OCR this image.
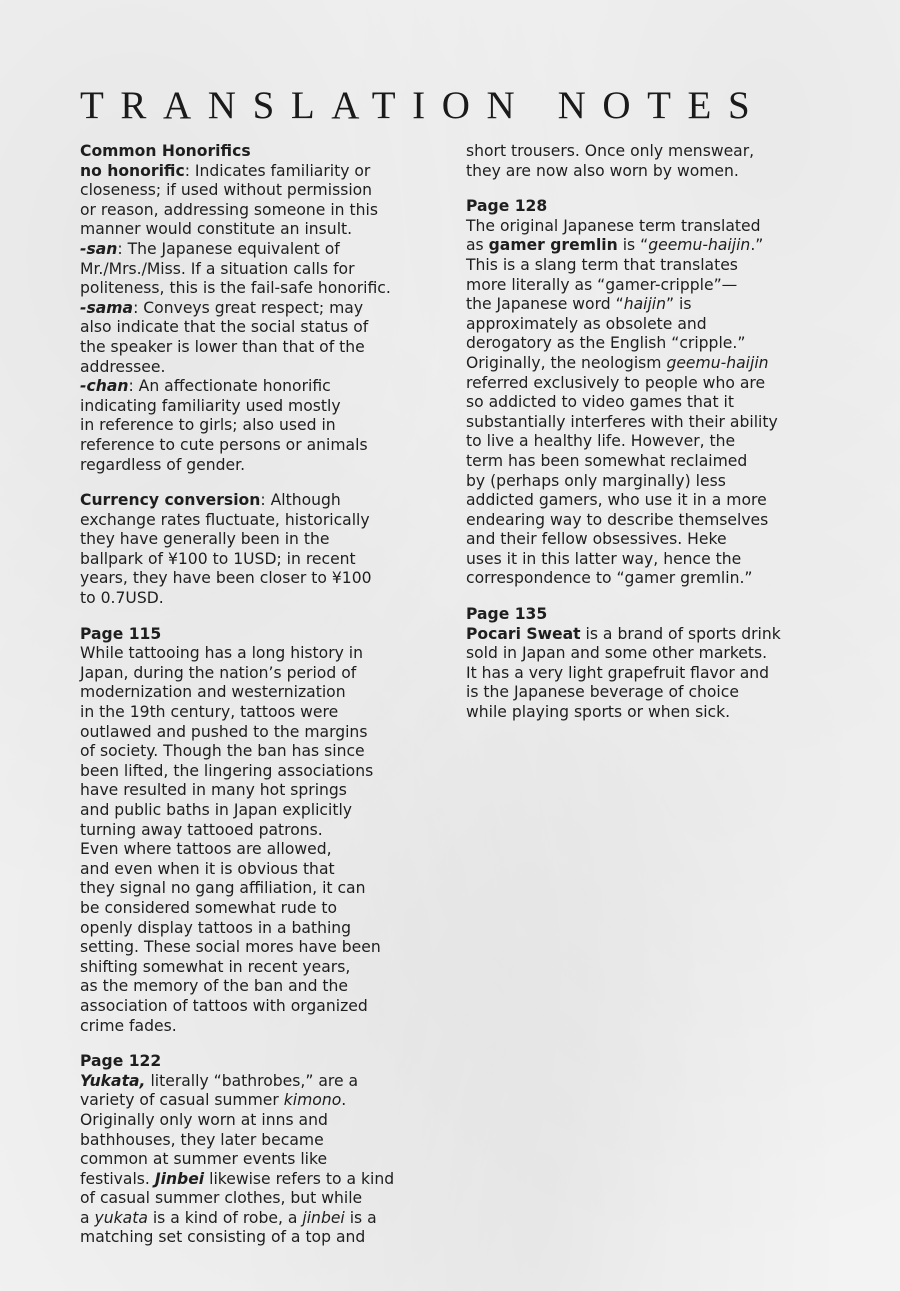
TRANSLATION NOTES
Common Honorifics
no honorific: Indicates familiarity or
closeness; if used without permission
or reason, addressing someone in this
manner would constitute an insult.
-san: The Japanese equivalent of
Mr./Mrs./Miss. If a situation calls for
politeness, this is the fail-safe honorific.
-sama: Conveys great respect; may
also indicate that the social status of
the speaker is lower than that of the
addressee.
-chan: An affectionate honorific
indicating familiarity used mostly
in reference to girls; also used in
reference to cute persons or animals
regardless of gender.
Currency conversion: Although
exchange rates fluctuate, historically
they have generally been in the
ballpark of ¥100 to 1USD; in recent
years, they have been closer to ¥100
to 0.7USD.
Page 115
While tattooing has a long history in
Japan, during the nation’s period of
modernization and westernization
in the 19th century, tattoos were
outlawed and pushed to the margins
of society. Though the ban has since
been lifted, the lingering associations
have resulted in many hot springs
and public baths in Japan explicitly
turning away tattooed patrons.
Even where tattoos are allowed,
and even when it is obvious that
they signal no gang affiliation, it can
be considered somewhat rude to
openly display tattoos in a bathing
setting. These social mores have been
shifting somewhat in recent years,
as the memory of the ban and the
association of tattoos with organized
crime fades.
Page 122
Yukata, literally “bathrobes,” are a
variety of casual summer kimono.
Originally only worn at inns and
bathhouses, they later became
common at summer events like
festivals. Jinbei likewise refers to a kind
of casual summer clothes, but while
a yukata is a kind of robe, a jinbei is a
matching set consisting of a top and
short trousers. Once only menswear,
they are now also worn by women.
Page 128
The original Japanese term translated
as gamer gremlin is “geemu-haijin.”
This is a slang term that translates
more literally as “gamer-cripple”—
the Japanese word “haijin” is
approximately as obsolete and
derogatory as the English “cripple.”
Originally, the neologism geemu-haijin
referred exclusively to people who are
so addicted to video games that it
substantially interferes with their ability
to live a healthy life. However, the
term has been somewhat reclaimed
by (perhaps only marginally) less
addicted gamers, who use it in a more
endearing way to describe themselves
and their fellow obsessives. Heke
uses it in this latter way, hence the
correspondence to “gamer gremlin.”
Page 135
Pocari Sweat is a brand of sports drink
sold in Japan and some other markets.
It has a very light grapefruit flavor and
is the Japanese beverage of choice
while playing sports or when sick.
